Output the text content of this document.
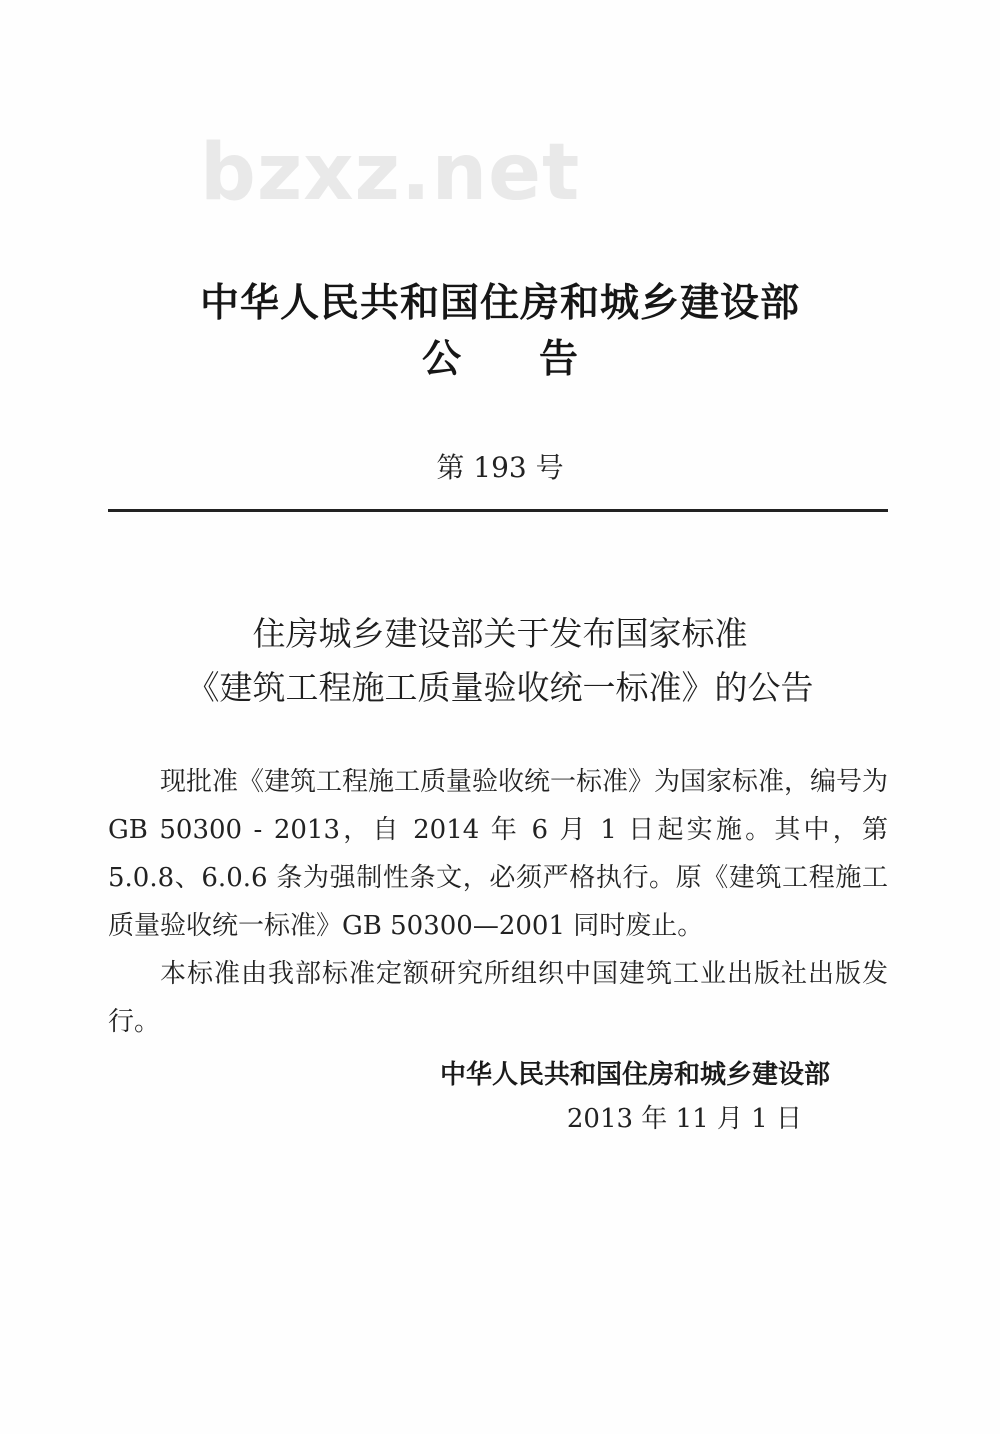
bzxz.net
中华人民共和国住房和城乡建设部
公　　告
第 193 号
住房城乡建设部关于发布国家标准
《建筑工程施工质量验收统一标准》的公告

现批准《建筑工程施工质量验收统一标准》为国家标准，编号为 GB 50300 - 2013，自 2014 年 6 月 1 日起实施。其中，第 5.0.8、6.0.6 条为强制性条文，必须严格执行。原《建筑工程施工质量验收统一标准》GB 50300—2001 同时废止。

本标准由我部标准定额研究所组织中国建筑工业出版社出版发行。

中华人民共和国住房和城乡建设部
2013 年 11 月 1 日
